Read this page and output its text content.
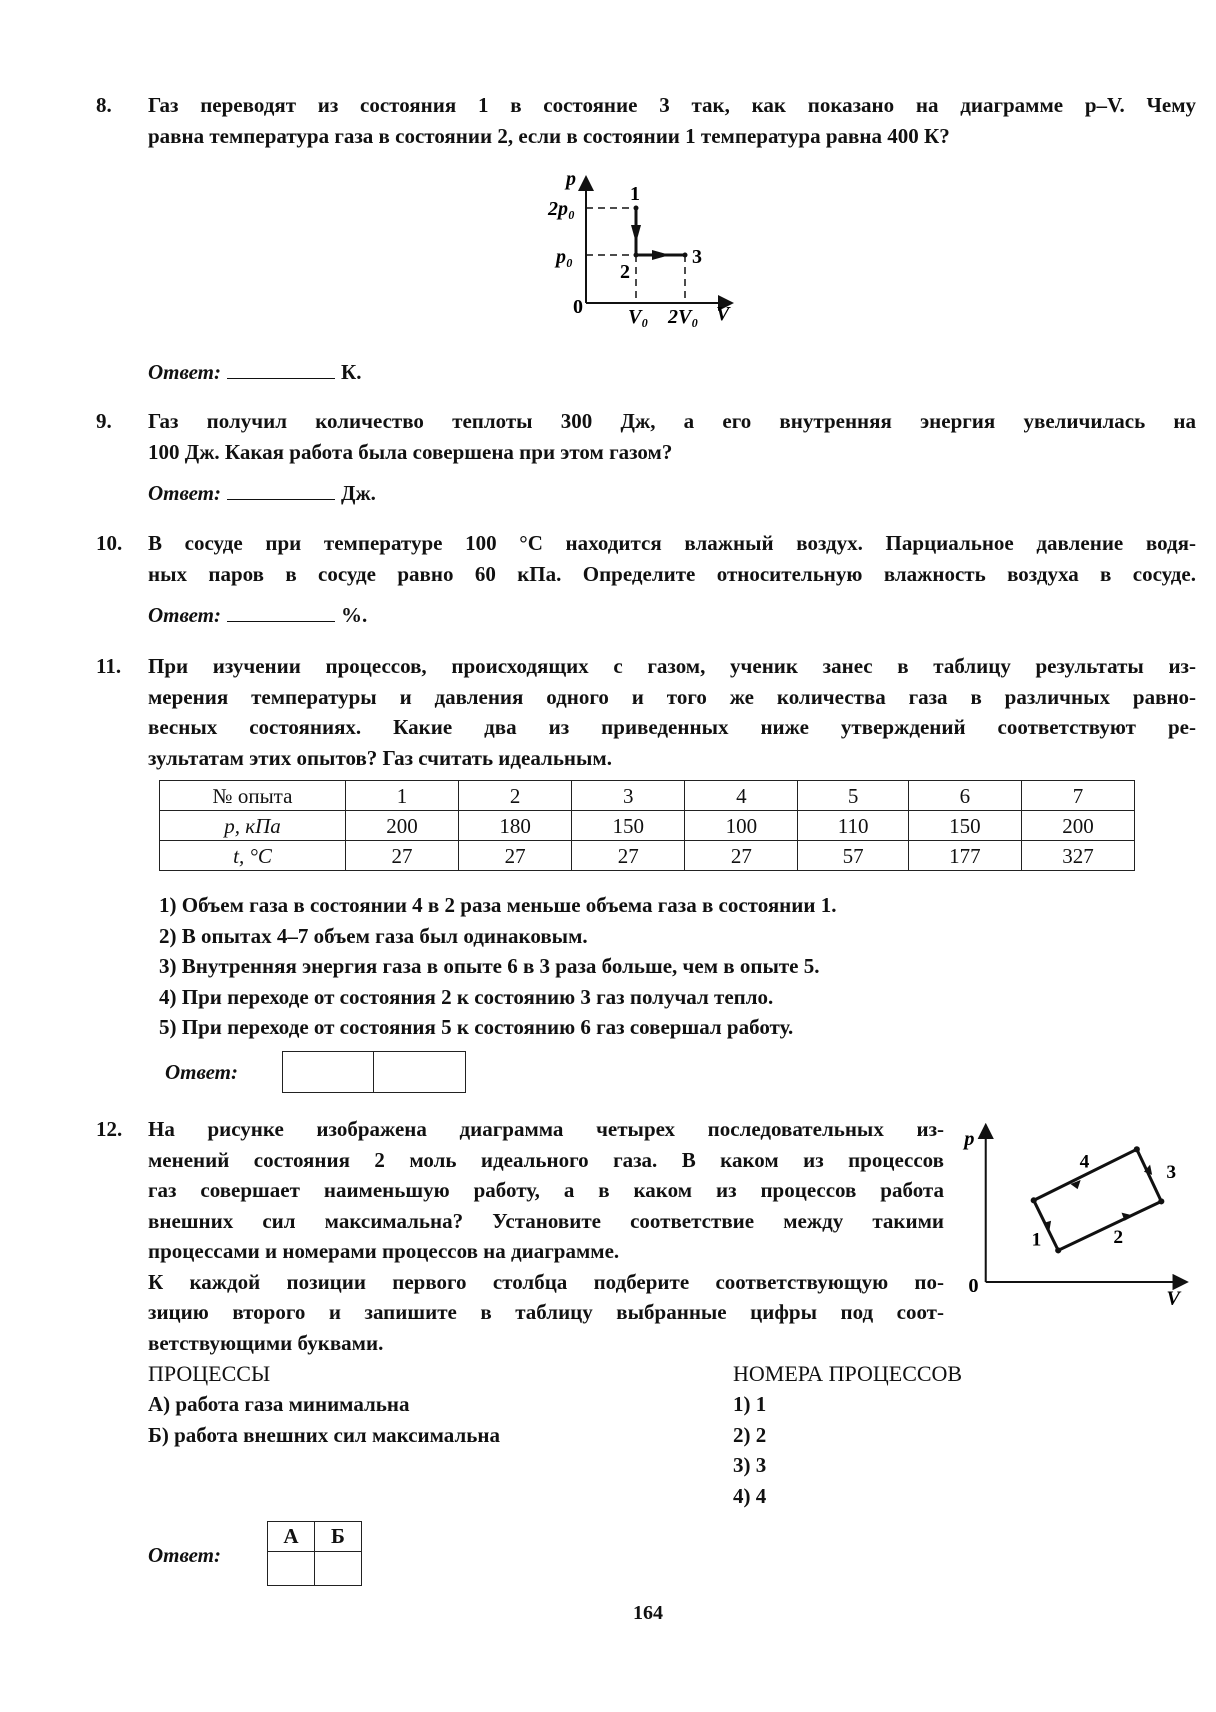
8. Газ переводят из состояния 1 в состояние 3 так, как показано на диаграмме p–V. Чему
равна температура газа в состоянии 2, если в состоянии 1 температура равна 400 К?
p
2p₀
p₀
0 V₀ 2V₀ V
1
2
3
Ответ:	К.
9. Газ получил количество теплоты 300 Дж, а его внутренняя энергия увеличилась на
100 Дж. Какая работа была совершена при этом газом?
Ответ:	Дж.
10. В сосуде при температуре 100 °С находится влажный воздух. Парциальное давление водя-
ных паров в сосуде равно 60 кПа. Определите относительную влажность воздуха в сосуде.
Ответ:	%.
11. При изучении процессов, происходящих с газом, ученик занес в таблицу результаты из-
мерения температуры и давления одного и того же количества газа в различных равно-
весных состояниях. Какие два из приведенных ниже утверждений соответствуют ре-
зультатам этих опытов? Газ считать идеальным.
№ опыта	1	2	3	4	5	6	7
p, кПа	200	180	150	100	110	150	200
t, °С	27	27	27	27	57	177	327
1) Объем газа в состоянии 4 в 2 раза меньше объема газа в состоянии 1.
2) В опытах 4–7 объем газа был одинаковым.
3) Внутренняя энергия газа в опыте 6 в 3 раза больше, чем в опыте 5.
4) При переходе от состояния 2 к состоянию 3 газ получал тепло.
5) При переходе от состояния 5 к состоянию 6 газ совершал работу.
Ответ:
12. На рисунке изображена диаграмма четырех последовательных из-
менений состояния 2 моль идеального газа. В каком из процессов
газ совершает наименьшую работу, а в каком из процессов работа
внешних сил максимальна? Установите соответствие между такими
процессами и номерами процессов на диаграмме.
К каждой позиции первого столбца подберите соответствующую по-
зицию второго и запишите в таблицу выбранные цифры под соот-
ветствующими буквами.
p
0
V
1	2
3
4
ПРОЦЕССЫ
А) работа газа минимальна
Б) работа внешних сил максимальна
НОМЕРА ПРОЦЕССОВ
1) 1
2) 2
3) 3
4) 4
Ответ:
А	Б

164
